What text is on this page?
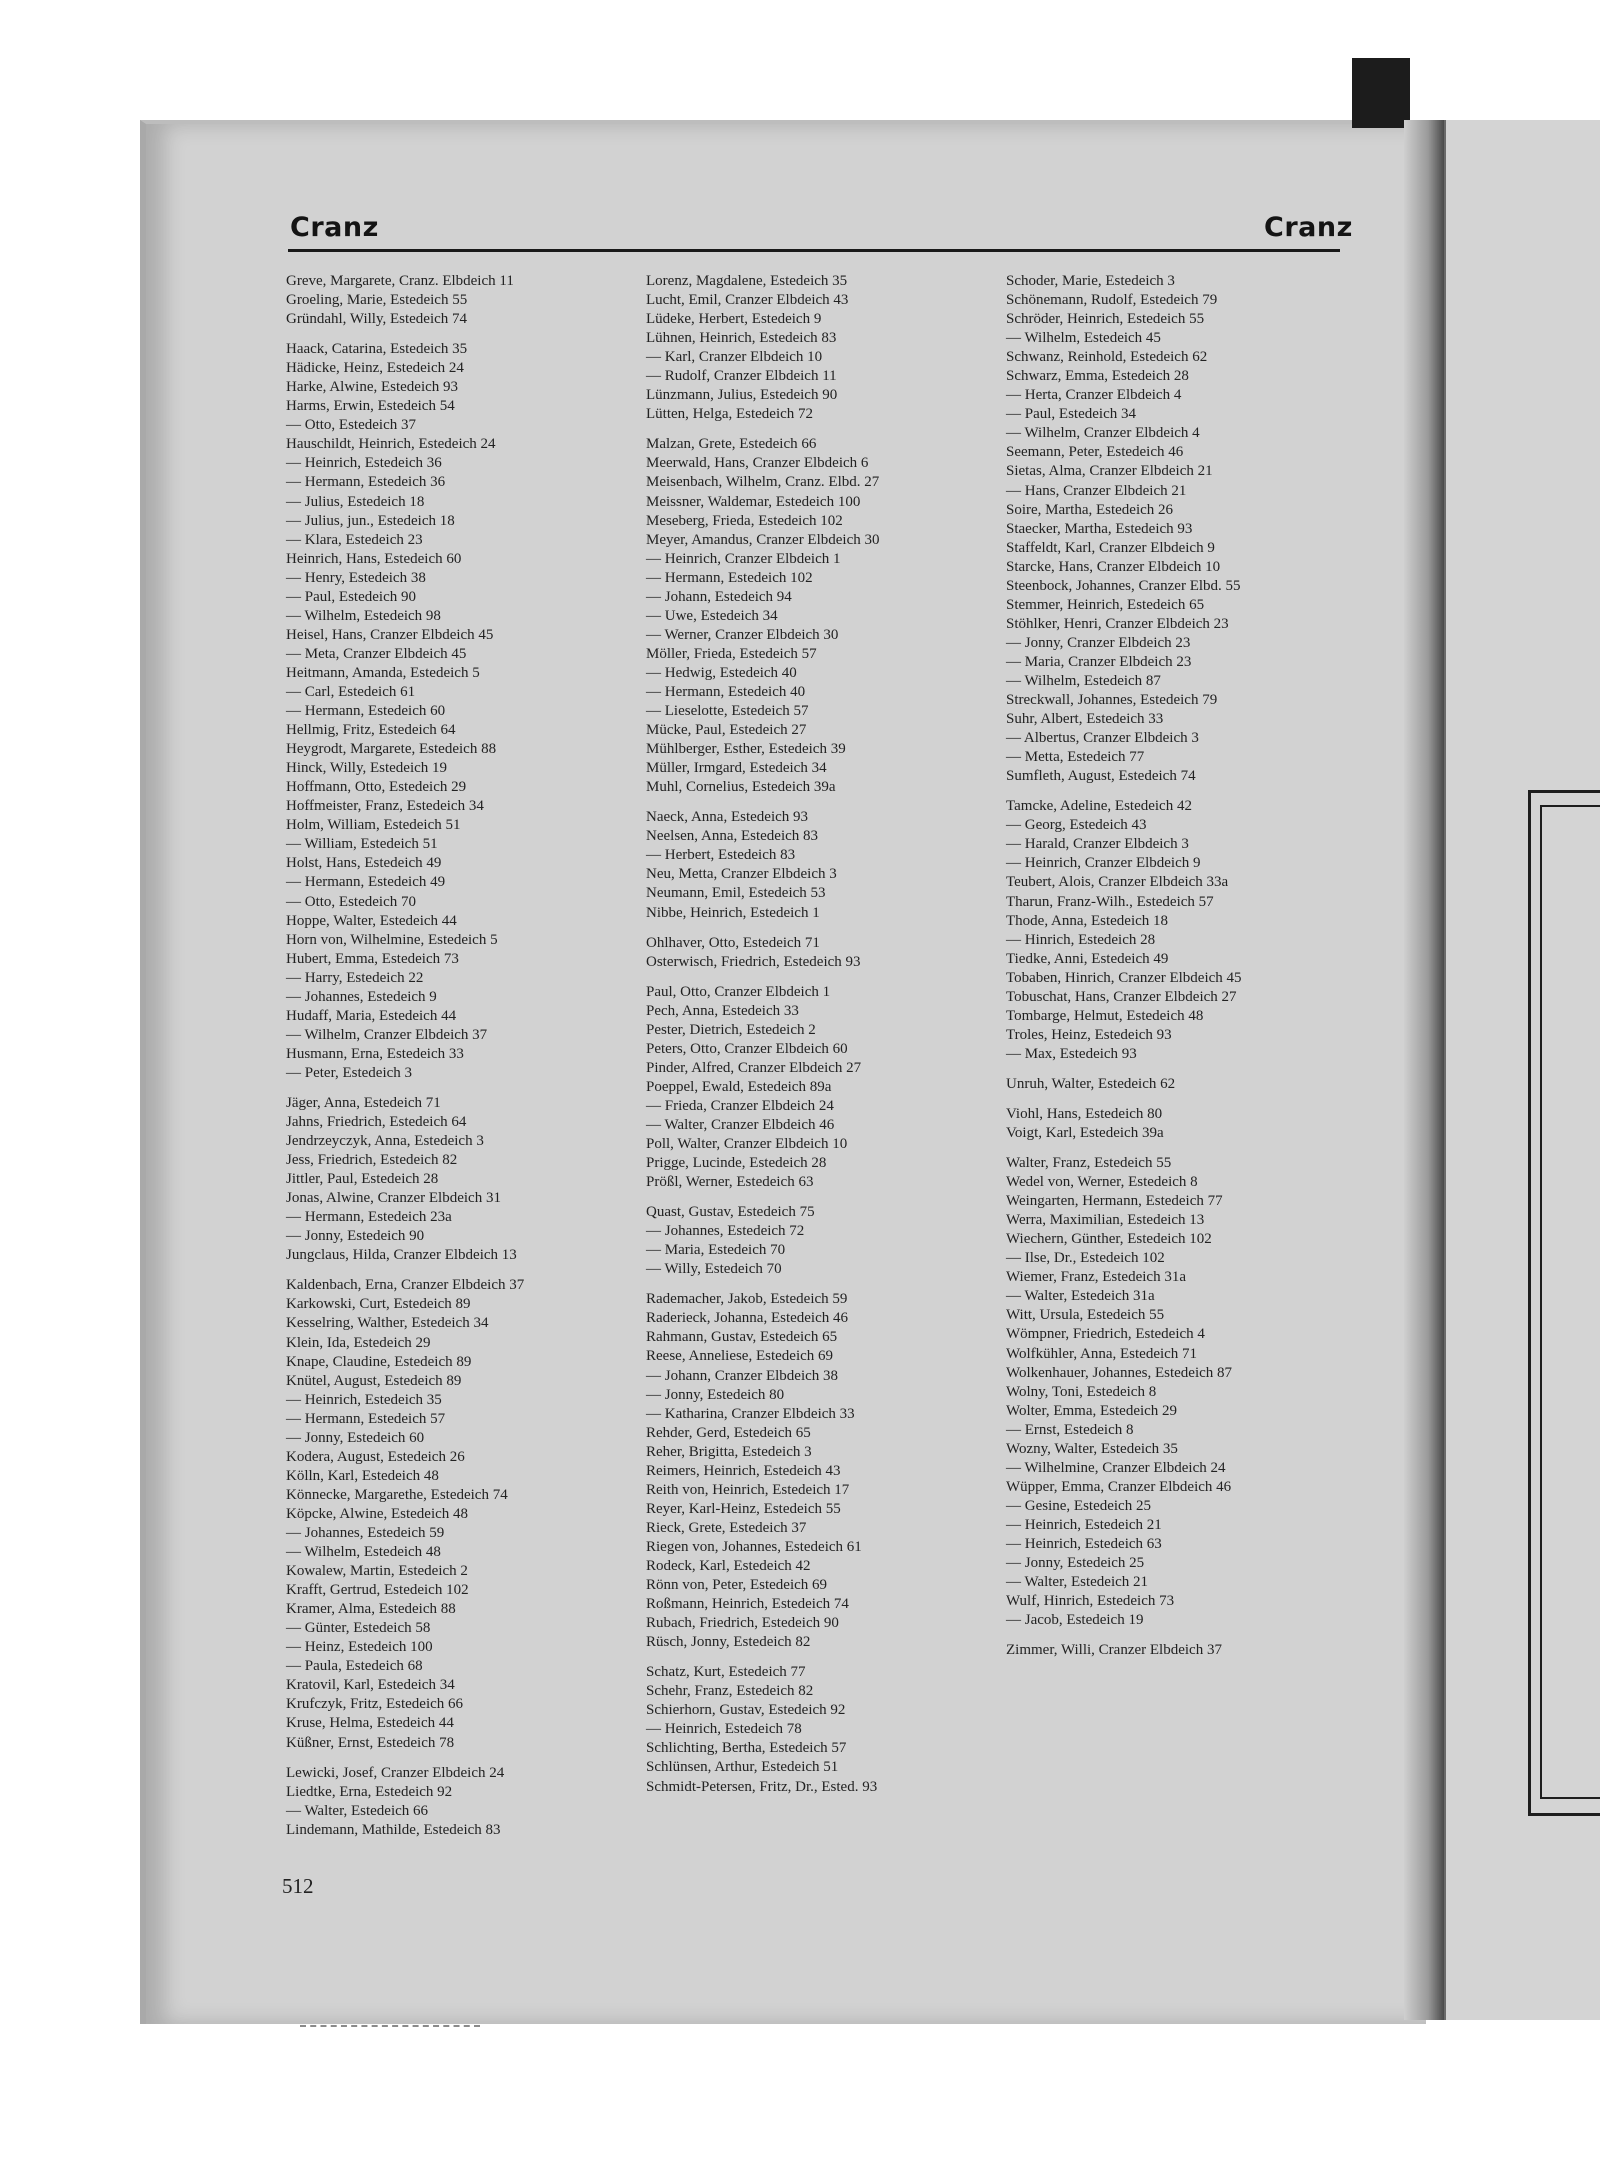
Cranz	Cranz
Greve, Margarete, Cranz. Elbdeich 11
Groeling, Marie, Estedeich 55
Gründahl, Willy, Estedeich 74
Haack, Catarina, Estedeich 35
Hädicke, Heinz, Estedeich 24
Harke, Alwine, Estedeich 93
Harms, Erwin, Estedeich 54
— Otto, Estedeich 37
Hauschildt, Heinrich, Estedeich 24
— Heinrich, Estedeich 36
— Hermann, Estedeich 36
— Julius, Estedeich 18
— Julius, jun., Estedeich 18
— Klara, Estedeich 23
Heinrich, Hans, Estedeich 60
— Henry, Estedeich 38
— Paul, Estedeich 90
— Wilhelm, Estedeich 98
Heisel, Hans, Cranzer Elbdeich 45
— Meta, Cranzer Elbdeich 45
Heitmann, Amanda, Estedeich 5
— Carl, Estedeich 61
— Hermann, Estedeich 60
Hellmig, Fritz, Estedeich 64
Heygrodt, Margarete, Estedeich 88
Hinck, Willy, Estedeich 19
Hoffmann, Otto, Estedeich 29
Hoffmeister, Franz, Estedeich 34
Holm, William, Estedeich 51
— William, Estedeich 51
Holst, Hans, Estedeich 49
— Hermann, Estedeich 49
— Otto, Estedeich 70
Hoppe, Walter, Estedeich 44
Horn von, Wilhelmine, Estedeich 5
Hubert, Emma, Estedeich 73
— Harry, Estedeich 22
— Johannes, Estedeich 9
Hudaff, Maria, Estedeich 44
— Wilhelm, Cranzer Elbdeich 37
Husmann, Erna, Estedeich 33
— Peter, Estedeich 3
Jäger, Anna, Estedeich 71
Jahns, Friedrich, Estedeich 64
Jendrzeyczyk, Anna, Estedeich 3
Jess, Friedrich, Estedeich 82
Jittler, Paul, Estedeich 28
Jonas, Alwine, Cranzer Elbdeich 31
— Hermann, Estedeich 23a
— Jonny, Estedeich 90
Jungclaus, Hilda, Cranzer Elbdeich 13
Kaldenbach, Erna, Cranzer Elbdeich 37
Karkowski, Curt, Estedeich 89
Kesselring, Walther, Estedeich 34
Klein, Ida, Estedeich 29
Knape, Claudine, Estedeich 89
Knütel, August, Estedeich 89
— Heinrich, Estedeich 35
— Hermann, Estedeich 57
— Jonny, Estedeich 60
Kodera, August, Estedeich 26
Kölln, Karl, Estedeich 48
Könnecke, Margarethe, Estedeich 74
Köpcke, Alwine, Estedeich 48
— Johannes, Estedeich 59
— Wilhelm, Estedeich 48
Kowalew, Martin, Estedeich 2
Krafft, Gertrud, Estedeich 102
Kramer, Alma, Estedeich 88
— Günter, Estedeich 58
— Heinz, Estedeich 100
— Paula, Estedeich 68
Kratovil, Karl, Estedeich 34
Krufczyk, Fritz, Estedeich 66
Kruse, Helma, Estedeich 44
Küßner, Ernst, Estedeich 78
Lewicki, Josef, Cranzer Elbdeich 24
Liedtke, Erna, Estedeich 92
— Walter, Estedeich 66
Lindemann, Mathilde, Estedeich 83
Lorenz, Magdalene, Estedeich 35
Lucht, Emil, Cranzer Elbdeich 43
Lüdeke, Herbert, Estedeich 9
Lühnen, Heinrich, Estedeich 83
— Karl, Cranzer Elbdeich 10
— Rudolf, Cranzer Elbdeich 11
Lünzmann, Julius, Estedeich 90
Lütten, Helga, Estedeich 72
Malzan, Grete, Estedeich 66
Meerwald, Hans, Cranzer Elbdeich 6
Meisenbach, Wilhelm, Cranz. Elbd. 27
Meissner, Waldemar, Estedeich 100
Meseberg, Frieda, Estedeich 102
Meyer, Amandus, Cranzer Elbdeich 30
— Heinrich, Cranzer Elbdeich 1
— Hermann, Estedeich 102
— Johann, Estedeich 94
— Uwe, Estedeich 34
— Werner, Cranzer Elbdeich 30
Möller, Frieda, Estedeich 57
— Hedwig, Estedeich 40
— Hermann, Estedeich 40
— Lieselotte, Estedeich 57
Mücke, Paul, Estedeich 27
Mühlberger, Esther, Estedeich 39
Müller, Irmgard, Estedeich 34
Muhl, Cornelius, Estedeich 39a
Naeck, Anna, Estedeich 93
Neelsen, Anna, Estedeich 83
— Herbert, Estedeich 83
Neu, Metta, Cranzer Elbdeich 3
Neumann, Emil, Estedeich 53
Nibbe, Heinrich, Estedeich 1
Ohlhaver, Otto, Estedeich 71
Osterwisch, Friedrich, Estedeich 93
Paul, Otto, Cranzer Elbdeich 1
Pech, Anna, Estedeich 33
Pester, Dietrich, Estedeich 2
Peters, Otto, Cranzer Elbdeich 60
Pinder, Alfred, Cranzer Elbdeich 27
Poeppel, Ewald, Estedeich 89a
— Frieda, Cranzer Elbdeich 24
— Walter, Cranzer Elbdeich 46
Poll, Walter, Cranzer Elbdeich 10
Prigge, Lucinde, Estedeich 28
Prößl, Werner, Estedeich 63
Quast, Gustav, Estedeich 75
— Johannes, Estedeich 72
— Maria, Estedeich 70
— Willy, Estedeich 70
Rademacher, Jakob, Estedeich 59
Raderieck, Johanna, Estedeich 46
Rahmann, Gustav, Estedeich 65
Reese, Anneliese, Estedeich 69
— Johann, Cranzer Elbdeich 38
— Jonny, Estedeich 80
— Katharina, Cranzer Elbdeich 33
Rehder, Gerd, Estedeich 65
Reher, Brigitta, Estedeich 3
Reimers, Heinrich, Estedeich 43
Reith von, Heinrich, Estedeich 17
Reyer, Karl-Heinz, Estedeich 55
Rieck, Grete, Estedeich 37
Riegen von, Johannes, Estedeich 61
Rodeck, Karl, Estedeich 42
Rönn von, Peter, Estedeich 69
Roßmann, Heinrich, Estedeich 74
Rubach, Friedrich, Estedeich 90
Rüsch, Jonny, Estedeich 82
Schatz, Kurt, Estedeich 77
Schehr, Franz, Estedeich 82
Schierhorn, Gustav, Estedeich 92
— Heinrich, Estedeich 78
Schlichting, Bertha, Estedeich 57
Schlünsen, Arthur, Estedeich 51
Schmidt-Petersen, Fritz, Dr., Ested. 93
Schoder, Marie, Estedeich 3
Schönemann, Rudolf, Estedeich 79
Schröder, Heinrich, Estedeich 55
— Wilhelm, Estedeich 45
Schwanz, Reinhold, Estedeich 62
Schwarz, Emma, Estedeich 28
— Herta, Cranzer Elbdeich 4
— Paul, Estedeich 34
— Wilhelm, Cranzer Elbdeich 4
Seemann, Peter, Estedeich 46
Sietas, Alma, Cranzer Elbdeich 21
— Hans, Cranzer Elbdeich 21
Soire, Martha, Estedeich 26
Staecker, Martha, Estedeich 93
Staffeldt, Karl, Cranzer Elbdeich 9
Starcke, Hans, Cranzer Elbdeich 10
Steenbock, Johannes, Cranzer Elbd. 55
Stemmer, Heinrich, Estedeich 65
Stöhlker, Henri, Cranzer Elbdeich 23
— Jonny, Cranzer Elbdeich 23
— Maria, Cranzer Elbdeich 23
— Wilhelm, Estedeich 87
Streckwall, Johannes, Estedeich 79
Suhr, Albert, Estedeich 33
— Albertus, Cranzer Elbdeich 3
— Metta, Estedeich 77
Sumfleth, August, Estedeich 74
Tamcke, Adeline, Estedeich 42
— Georg, Estedeich 43
— Harald, Cranzer Elbdeich 3
— Heinrich, Cranzer Elbdeich 9
Teubert, Alois, Cranzer Elbdeich 33a
Tharun, Franz-Wilh., Estedeich 57
Thode, Anna, Estedeich 18
— Hinrich, Estedeich 28
Tiedke, Anni, Estedeich 49
Tobaben, Hinrich, Cranzer Elbdeich 45
Tobuschat, Hans, Cranzer Elbdeich 27
Tombarge, Helmut, Estedeich 48
Troles, Heinz, Estedeich 93
— Max, Estedeich 93
Unruh, Walter, Estedeich 62
Viohl, Hans, Estedeich 80
Voigt, Karl, Estedeich 39a
Walter, Franz, Estedeich 55
Wedel von, Werner, Estedeich 8
Weingarten, Hermann, Estedeich 77
Werra, Maximilian, Estedeich 13
Wiechern, Günther, Estedeich 102
— Ilse, Dr., Estedeich 102
Wiemer, Franz, Estedeich 31a
— Walter, Estedeich 31a
Witt, Ursula, Estedeich 55
Wömpner, Friedrich, Estedeich 4
Wolfkühler, Anna, Estedeich 71
Wolkenhauer, Johannes, Estedeich 87
Wolny, Toni, Estedeich 8
Wolter, Emma, Estedeich 29
— Ernst, Estedeich 8
Wozny, Walter, Estedeich 35
— Wilhelmine, Cranzer Elbdeich 24
Wüpper, Emma, Cranzer Elbdeich 46
— Gesine, Estedeich 25
— Heinrich, Estedeich 21
— Heinrich, Estedeich 63
— Jonny, Estedeich 25
— Walter, Estedeich 21
Wulf, Hinrich, Estedeich 73
— Jacob, Estedeich 19
Zimmer, Willi, Cranzer Elbdeich 37
512
